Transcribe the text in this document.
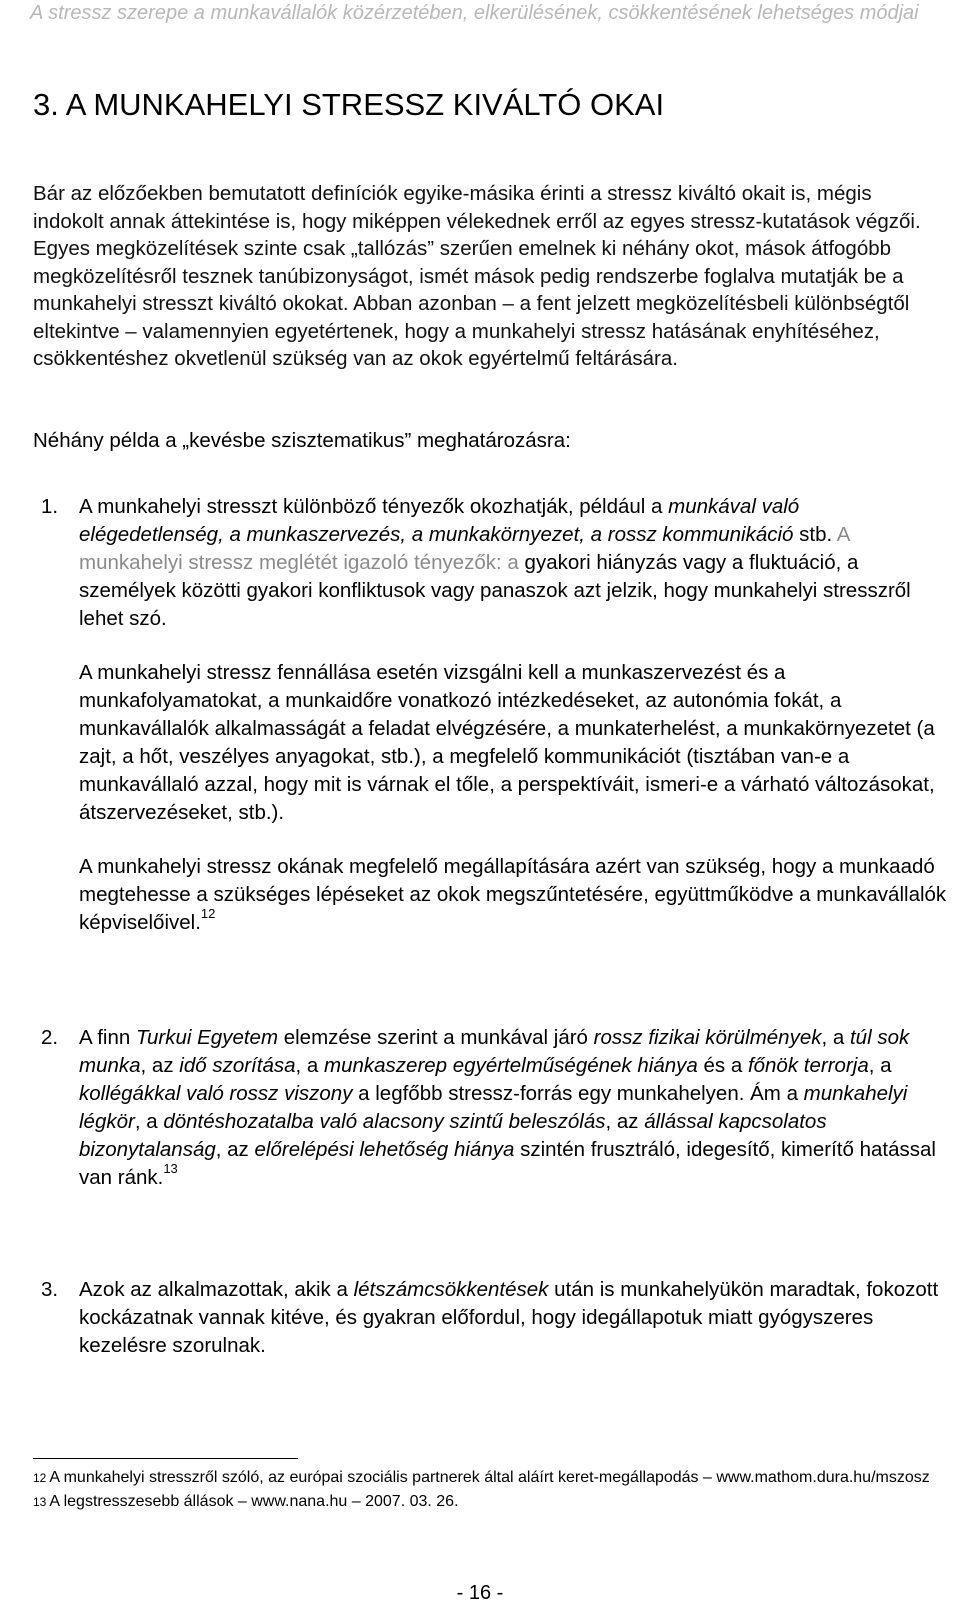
A stressz szerepe a munkavállalók közérzetében, elkerülésének, csökkentésének lehetséges módjai
3. A MUNKAHELYI STRESSZ KIVÁLTÓ OKAI

Bár az előzőekben bemutatott definíciók egyike-másika érinti a stressz kiváltó okait is, mégis indokolt annak áttekintése is, hogy miképpen vélekednek erről az egyes stressz-kutatások végzői. Egyes megközelítések szinte csak „tallózás” szerűen emelnek ki néhány okot, mások átfogóbb megközelítésről tesznek tanúbizonyságot, ismét mások pedig rendszerbe foglalva mutatják be a munkahelyi stresszt kiváltó okokat. Abban azonban – a fent jelzett megközelítésbeli különbségtől eltekintve – valamennyien egyetértenek, hogy a munkahelyi stressz hatásának enyhítéséhez, csökkentéshez okvetlenül szükség van az okok egyértelmű feltárására.

Néhány példa a „kevésbe szisztematikus” meghatározásra:

1. A munkahelyi stresszt különböző tényezők okozhatják, például a munkával való elégedetlenség, a munkaszervezés, a munkakörnyezet, a rossz kommunikáció stb. A munkahelyi stressz meglétét igazoló tényezők: a gyakori hiányzás vagy a fluktuáció, a személyek közötti gyakori konfliktusok vagy panaszok azt jelzik, hogy munkahelyi stresszről lehet szó.

A munkahelyi stressz fennállása esetén vizsgálni kell a munkaszervezést és a munkafolyamatokat, a munkaidőre vonatkozó intézkedéseket, az autonómia fokát, a munkavállalók alkalmasságát a feladat elvégzésére, a munkaterhelést, a munkakörnyezetet (a zajt, a hőt, veszélyes anyagokat, stb.), a megfelelő kommunikációt (tisztában van-e a munkavállaló azzal, hogy mit is várnak el tőle, a perspektíváit, ismeri-e a várható változásokat, átszervezéseket, stb.).

A munkahelyi stressz okának megfelelő megállapítására azért van szükség, hogy a munkaadó megtehesse a szükséges lépéseket az okok megszűntetésére, együttműködve a munkavállalók képviselőivel.$^{12}$

2. A finn Turkui Egyetem elemzése szerint a munkával járó rossz fizikai körülmények, a túl sok munka, az idő szorítása, a munkaszerep egyértelműségének hiánya és a főnök terrorja, a kollégákkal való rossz viszony a legfőbb stressz-forrás egy munkahelyen. Ám a munkahelyi légkör, a döntéshozatalba való alacsony szintű beleszólás, az állással kapcsolatos bizonytalanság, az előrelépési lehetőség hiánya szintén frusztráló, idegesítő, kimerítő hatással van ránk.$^{13}$

3. Azok az alkalmazottak, akik a létszámcsökkentések után is munkahelyükön maradtak, fokozott kockázatnak vannak kitéve, és gyakran előfordul, hogy idegállapotuk miatt gyógyszeres kezelésre szorulnak.

$^{12}$ A munkahelyi stresszről szóló, az európai szociális partnerek által aláírt keret-megállapodás – www.mathom.dura.hu/mszosz
$^{13}$ A legstresszesebb állások – www.nana.hu – 2007. 03. 26.
- 16 -
